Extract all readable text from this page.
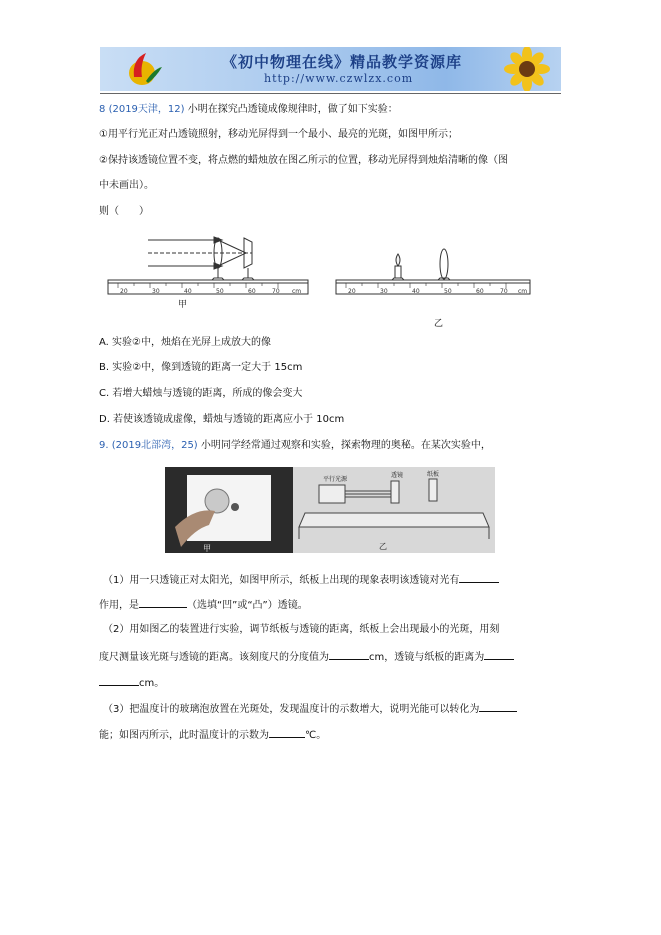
《初中物理在线》精品教学资源库
http://www.czwlzx.com
8 (2019天津，12) 小明在探究凸透镜成像规律时，做了如下实验：
①用平行光正对凸透镜照射，移动光屏得到一个最小、最亮的光斑，如图甲所示；
②保持该透镜位置不变，将点燃的蜡烛放在图乙所示的位置，移动光屏得到烛焰清晰的像（图
中未画出）。
则（　　）
20	30	40	50	60	70 cm
甲
20	30	40	50	60	70 cm
乙
A. 实验②中，烛焰在光屏上成放大的像
B. 实验②中，像到透镜的距离一定大于 15cm
C. 若增大蜡烛与透镜的距离，所成的像会变大
D. 若使该透镜成虚像，蜡烛与透镜的距离应小于 10cm
9. (2019北部湾，25) 小明同学经常通过观察和实验，探索物理的奥秘。在某次实验中，
甲
平行光源
透镜	纸板
乙
（1）用一只透镜正对太阳光，如图甲所示，纸板上出现的现象表明该透镜对光有
作用，是	（选填“凹”或“凸”）透镜。
（2）用如图乙的装置进行实验，调节纸板与透镜的距离，纸板上会出现最小的光斑，用刻
度尺测量该光斑与透镜的距离。该刻度尺的分度值为	cm，透镜与纸板的距离为
cm。
（3）把温度计的玻璃泡放置在光斑处，发现温度计的示数增大，说明光能可以转化为
能；如图丙所示，此时温度计的示数为	℃。
